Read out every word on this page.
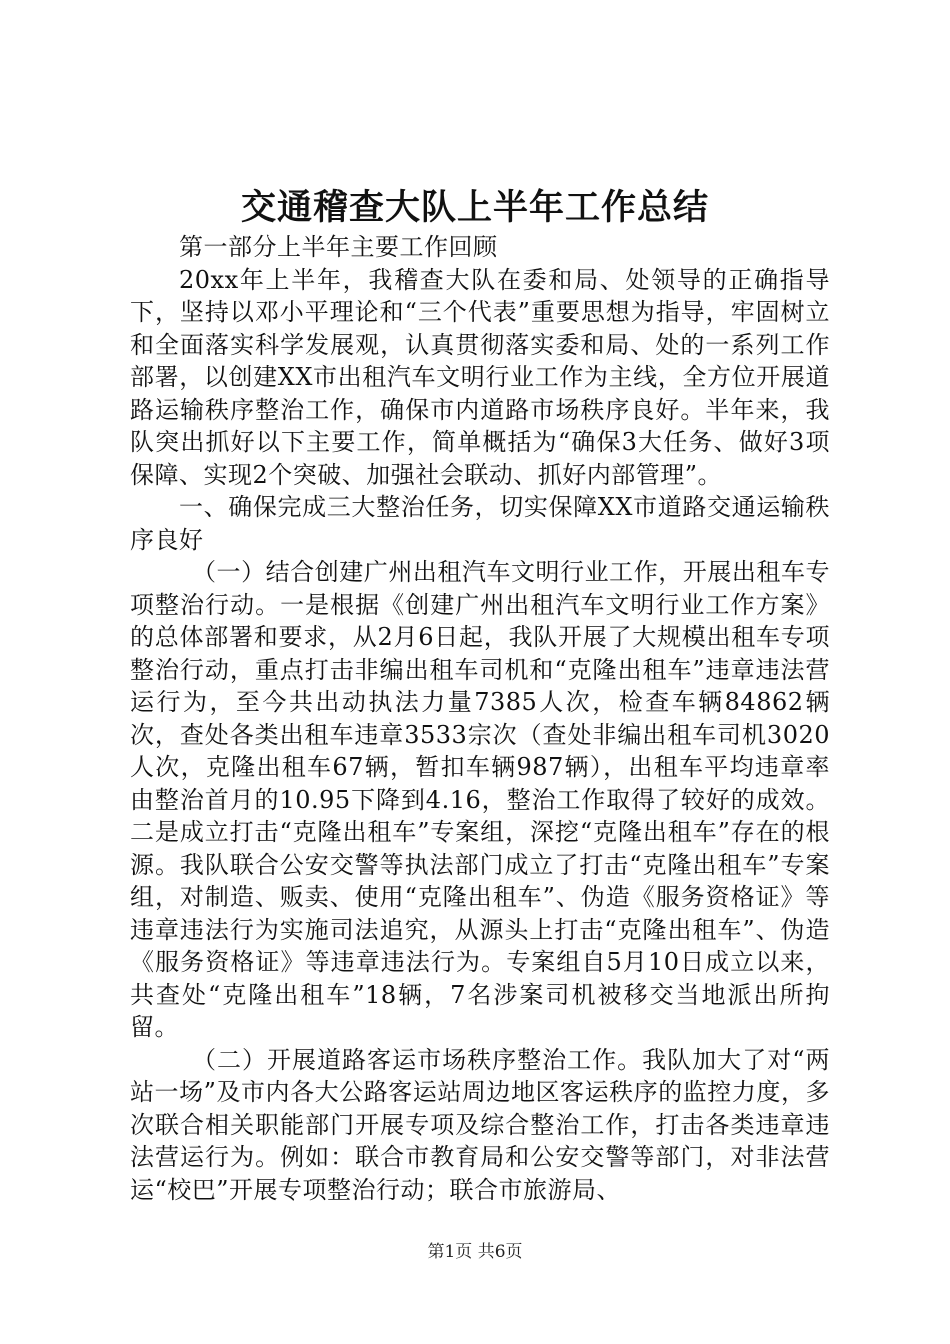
交通稽查大队上半年工作总结

第一部分上半年主要工作回顾

20xx年上半年，我稽查大队在委和局、处领导的正确指导下，坚持以邓小平理论和“三个代表”重要思想为指导，牢固树立和全面落实科学发展观，认真贯彻落实委和局、处的一系列工作部署，以创建XX市出租汽车文明行业工作为主线，全方位开展道路运输秩序整治工作，确保市内道路市场秩序良好。半年来，我队突出抓好以下主要工作，简单概括为“确保3大任务、做好3项保障、实现2个突破、加强社会联动、抓好内部管理”。

一、确保完成三大整治任务，切实保障XX市道路交通运输秩序良好

（一）结合创建广州出租汽车文明行业工作，开展出租车专项整治行动。一是根据《创建广州出租汽车文明行业工作方案》的总体部署和要求，从2月6日起，我队开展了大规模出租车专项整治行动，重点打击非编出租车司机和“克隆出租车”违章违法营运行为，至今共出动执法力量7385人次，检查车辆84862辆次，查处各类出租车违章3533宗次（查处非编出租车司机3020人次，克隆出租车67辆，暂扣车辆987辆），出租车平均违章率由整治首月的10.95下降到4.16，整治工作取得了较好的成效。二是成立打击“克隆出租车”专案组，深挖“克隆出租车”存在的根源。我队联合公安交警等执法部门成立了打击“克隆出租车”专案组，对制造、贩卖、使用“克隆出租车”、伪造《服务资格证》等违章违法行为实施司法追究，从源头上打击“克隆出租车”、伪造《服务资格证》等违章违法行为。专案组自5月10日成立以来，共查处“克隆出租车”18辆，7名涉案司机被移交当地派出所拘留。

（二）开展道路客运市场秩序整治工作。我队加大了对“两站一场”及市内各大公路客运站周边地区客运秩序的监控力度，多次联合相关职能部门开展专项及综合整治工作，打击各类违章违法营运行为。例如：联合市教育局和公安交警等部门，对非法营运“校巴”开展专项整治行动；联合市旅游局、

第1页 共6页
